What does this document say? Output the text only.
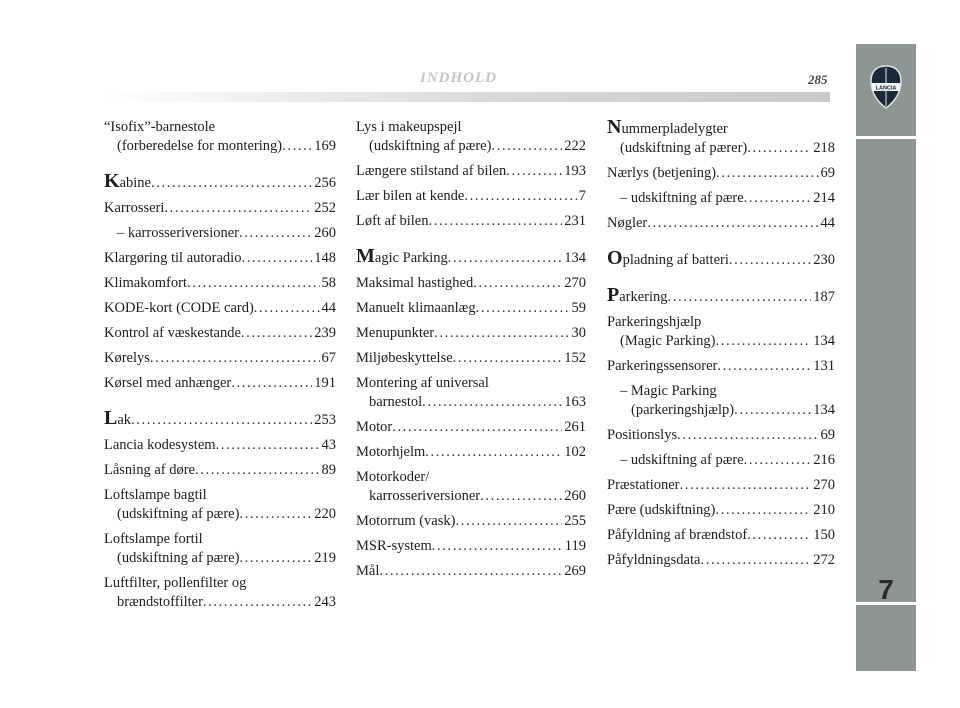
INDHOLD	285
LANCIA
7
“Isofix”-barnestole
(forberedelse for montering) . . . 169
Kabine . . .	256
Karrosseri . . .	252
– karrosseriversioner . . .	260
Klargøring til autoradio . . .	148
Klimakomfort . . .	58
KODE-kort (CODE card) . . .	44
Kontrol af væskestande . . .	239
Kørelys . . .	67
Kørsel med anhænger . . .	191
Lak . . .	253
Lancia kodesystem . . .	43
Låsning af døre . . .	89
Loftslampe bagtil
(udskiftning af pære) . . .	220
Loftslampe fortil
(udskiftning af pære) . . .	219
Luftfilter, pollenfilter og
brændstoffilter . . .	243
Lys i makeupspejl
(udskiftning af pære) . . .	222
Længere stilstand af bilen . . .	193
Lær bilen at kende . . .	7
Løft af bilen . . .	231
Magic Parking . . .	134
Maksimal hastighed . . .	270
Manuelt klimaanlæg . . .	59
Menupunkter . . .	30
Miljøbeskyttelse . . .	152
Montering af universal
barnestol . . .	163
Motor . . .	261
Motorhjelm . . .	102
Motorkoder/
karrosseriversioner . . .	260
Motorrum (vask) . . .	255
MSR-system . . .	119
Mål . . .	269
Nummerpladelygter
(udskiftning af pærer) . . .	218
Nærlys (betjening) . . .	69
– udskiftning af pære . . .	214
Nøgler . . .	44
Opladning af batteri . . .	230
Parkering . . .	187
Parkeringshjælp
(Magic Parking) . . .	134
Parkeringssensorer . . .	131
– Magic Parking
(parkeringshjælp) . . .	134
Positionslys . . .	69
– udskiftning af pære . . .	216
Præstationer . . .	270
Pære (udskiftning) . . .	210
Påfyldning af brændstof . . .	150
Påfyldningsdata . . .	272
